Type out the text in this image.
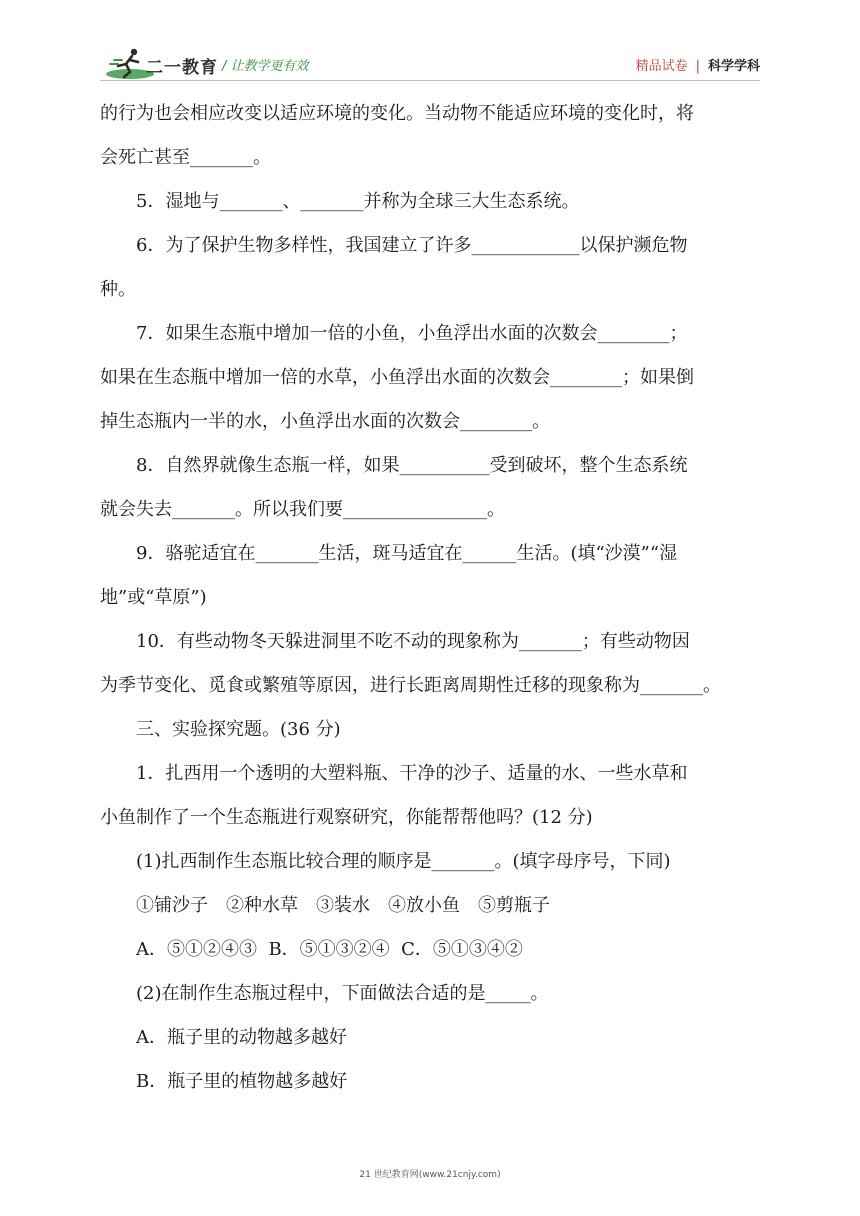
二一教育 / 让教学更有效	精品试卷 | 科学学科

的行为也会相应改变以适应环境的变化。当动物不能适应环境的变化时，将

会死亡甚至_______。

5．湿地与_______、_______并称为全球三大生态系统。

6．为了保护生物多样性，我国建立了许多____________以保护濒危物

种。

7．如果生态瓶中增加一倍的小鱼，小鱼浮出水面的次数会________；

如果在生态瓶中增加一倍的水草，小鱼浮出水面的次数会________；如果倒

掉生态瓶内一半的水，小鱼浮出水面的次数会________。

8．自然界就像生态瓶一样，如果__________受到破坏，整个生态系统

就会失去_______。所以我们要________________。

9．骆驼适宜在_______生活，斑马适宜在______生活。(填“沙漠”“湿

地”或“草原”)

10．有些动物冬天躲进洞里不吃不动的现象称为_______；有些动物因

为季节变化、觅食或繁殖等原因，进行长距离周期性迁移的现象称为_______。

三、实验探究题。(36 分)

1．扎西用一个透明的大塑料瓶、干净的沙子、适量的水、一些水草和

小鱼制作了一个生态瓶进行观察研究，你能帮帮他吗？(12 分)

(1)扎西制作生态瓶比较合理的顺序是_______。(填字母序号，下同)

①铺沙子　②种水草　③装水　④放小鱼　⑤剪瓶子

A．⑤①②④③  B．⑤①③②④  C．⑤①③④②

(2)在制作生态瓶过程中，下面做法合适的是_____。

A．瓶子里的动物越多越好

B．瓶子里的植物越多越好

21 世纪教育网(www.21cnjy.com)
